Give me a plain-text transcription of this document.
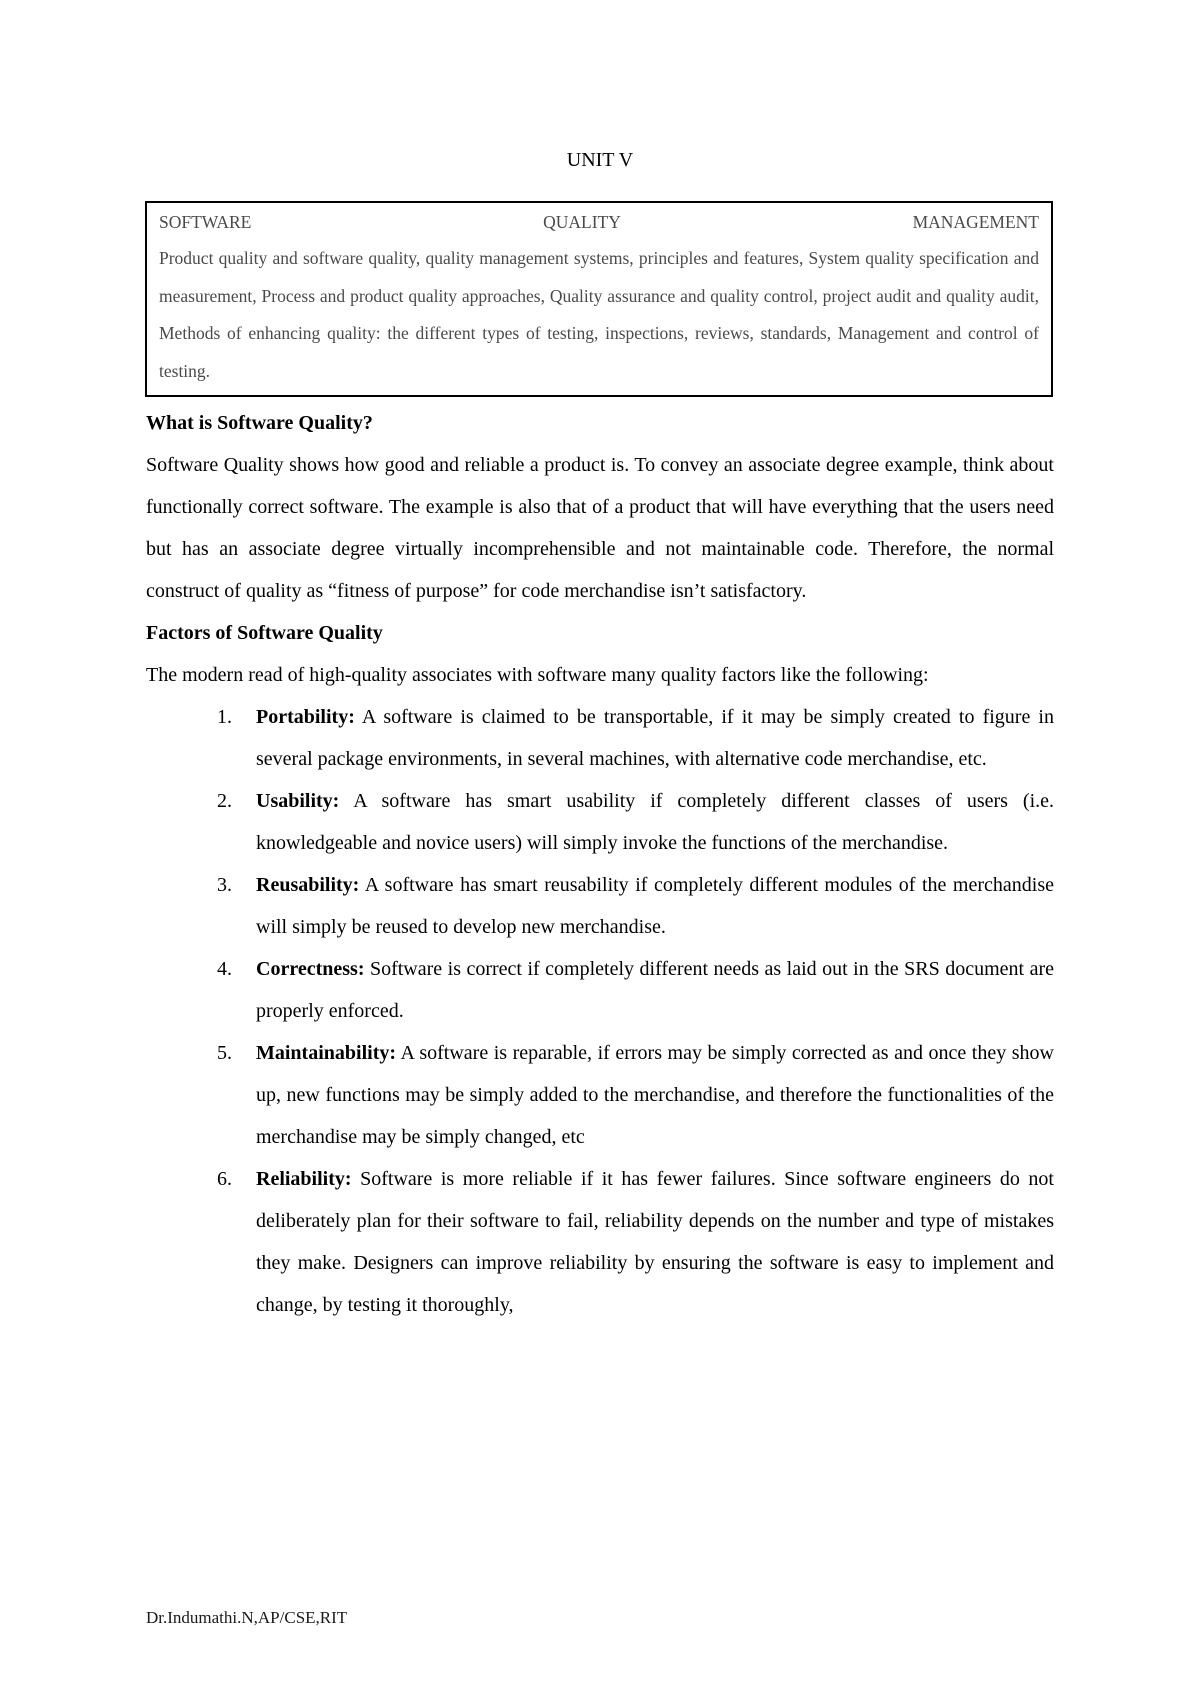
UNIT V
SOFTWARE	QUALITY	MANAGEMENT
Product quality and software quality, quality management systems, principles and features, System quality specification and measurement, Process and product quality approaches, Quality assurance and quality control, project audit and quality audit, Methods of enhancing quality: the different types of testing, inspections, reviews, standards, Management and control of testing.
What is Software Quality?

Software Quality shows how good and reliable a product is. To convey an associate degree example, think about functionally correct software. The example is also that of a product that will have everything that the users need but has an associate degree virtually incomprehensible and not maintainable code. Therefore, the normal construct of quality as “fitness of purpose” for code merchandise isn’t satisfactory.

Factors of Software Quality

The modern read of high-quality associates with software many quality factors like the following:

1. Portability: A software is claimed to be transportable, if it may be simply created to figure in several package environments, in several machines, with alternative code merchandise, etc.
2. Usability: A software has smart usability if completely different classes of users (i.e. knowledgeable and novice users) will simply invoke the functions of the merchandise.
3. Reusability: A software has smart reusability if completely different modules of the merchandise will simply be reused to develop new merchandise.
4. Correctness: Software is correct if completely different needs as laid out in the SRS document are properly enforced.
5. Maintainability: A software is reparable, if errors may be simply corrected as and once they show up, new functions may be simply added to the merchandise, and therefore the functionalities of the merchandise may be simply changed, etc
6. Reliability: Software is more reliable if it has fewer failures. Since software engineers do not deliberately plan for their software to fail, reliability depends on the number and type of mistakes they make. Designers can improve reliability by ensuring the software is easy to implement and change, by testing it thoroughly,
Dr.Indumathi.N,AP/CSE,RIT
